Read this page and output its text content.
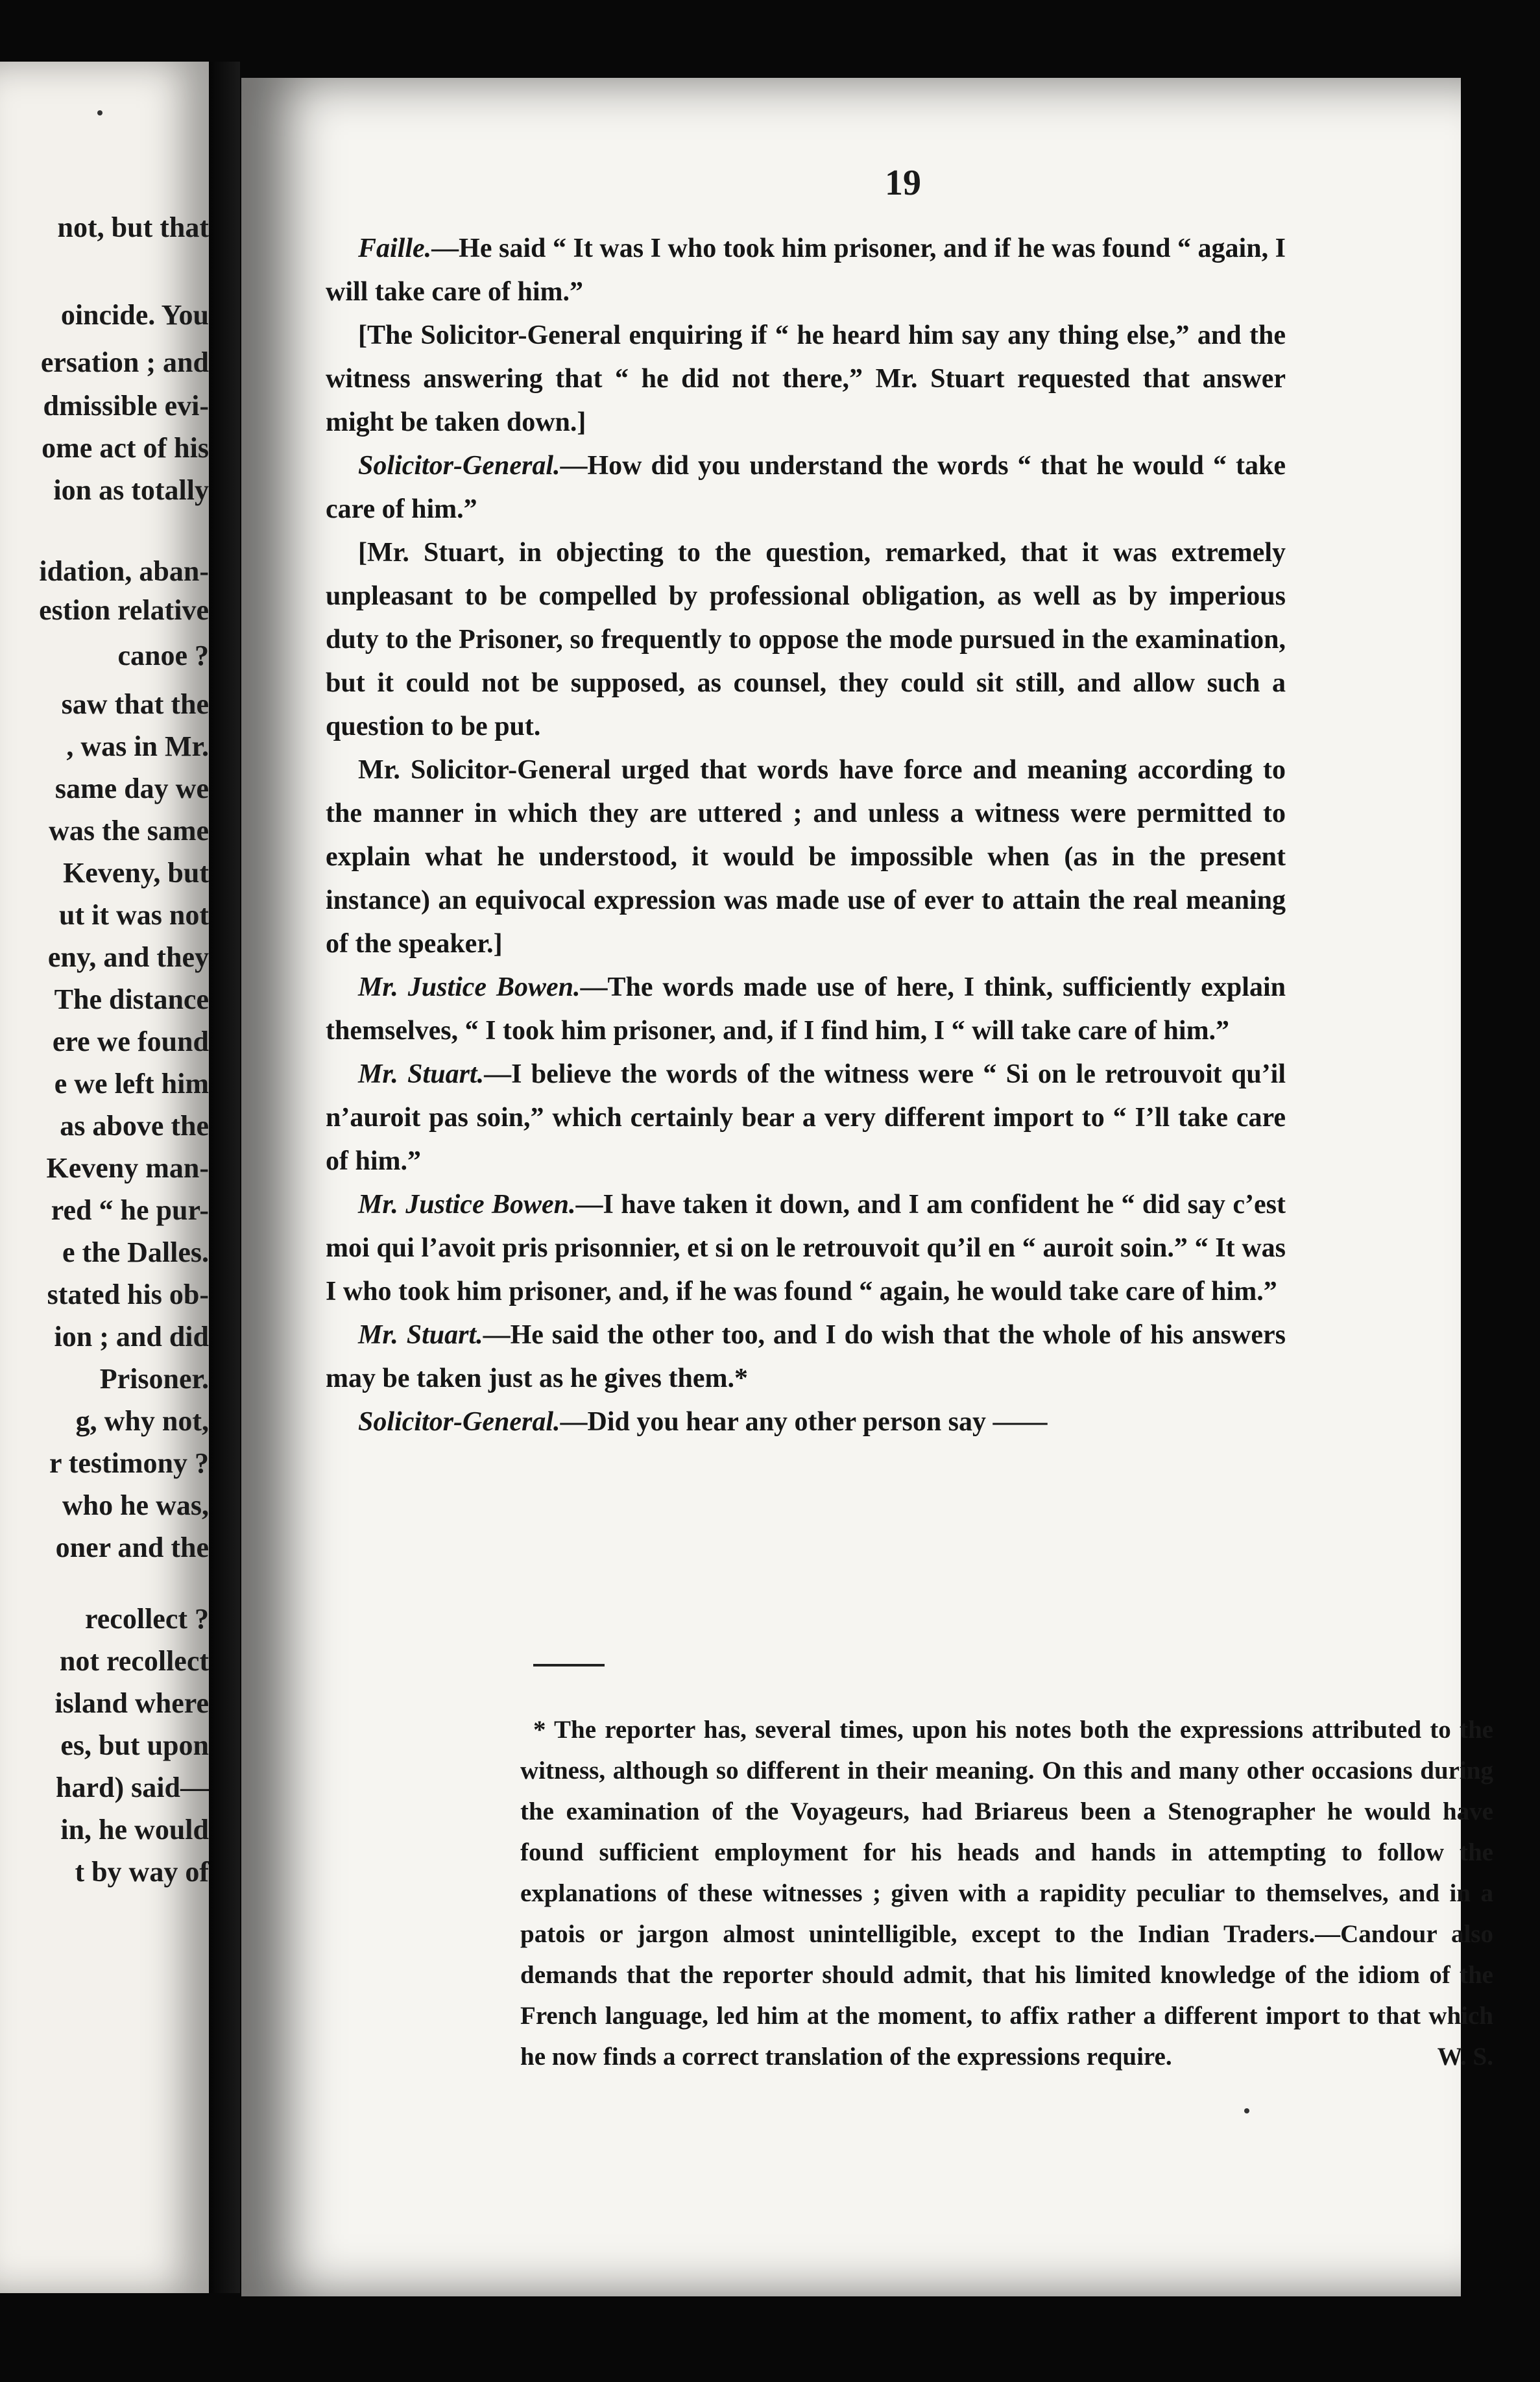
not, but that
oincide. You
ersation ; and
dmissible evi-
ome act of his
ion as totally
idation, aban-
estion relative
canoe ?
saw that the
, was in Mr.
same day we
was the same
Keveny, but
ut it was not
eny, and they
The distance
ere we found
e we left him
as above the
Keveny man-
red “ he pur-
e the Dalles.
stated his ob-
ion ; and did
Prisoner.
g, why not,
r testimony ?
who he was,
oner and the
recollect ?
not recollect
island where
es, but upon
hard) said—
in, he would
t by way of
19

Faille.—He said “ It was I who took him prisoner, and if he was found “ again, I will take care of him.”

[The Solicitor-General enquiring if “ he heard him say any thing else,” and the witness answering that “ he did not there,” Mr. Stuart requested that answer might be taken down.]

Solicitor-General.—How did you understand the words “ that he would “ take care of him.”

[Mr. Stuart, in objecting to the question, remarked, that it was extremely unpleasant to be compelled by professional obligation, as well as by imperious duty to the Prisoner, so frequently to oppose the mode pursued in the examination, but it could not be supposed, as counsel, they could sit still, and allow such a question to be put.

Mr. Solicitor-General urged that words have force and meaning according to the manner in which they are uttered ; and unless a witness were permitted to explain what he understood, it would be impossible when (as in the present instance) an equivocal expression was made use of ever to attain the real meaning of the speaker.]

Mr. Justice Bowen.—The words made use of here, I think, sufficiently explain themselves, “ I took him prisoner, and, if I find him, I “ will take care of him.”

Mr. Stuart.—I believe the words of the witness were “ Si on le retrouvoit qu’il n’auroit pas soin,” which certainly bear a very different import to “ I’ll take care of him.”

Mr. Justice Bowen.—I have taken it down, and I am confident he “ did say c’est moi qui l’avoit pris prisonnier, et si on le retrouvoit qu’il en “ auroit soin.” “ It was I who took him prisoner, and, if he was found “ again, he would take care of him.”

Mr. Stuart.—He said the other too, and I do wish that the whole of his answers may be taken just as he gives them.*

Solicitor-General.—Did you hear any other person say ——

* The reporter has, several times, upon his notes both the expressions attributed to the witness, although so different in their meaning. On this and many other occasions during the examination of the Voyageurs, had Briareus been a Stenographer he would have found sufficient employment for his heads and hands in attempting to follow the explanations of these witnesses ; given with a rapidity peculiar to themselves, and in a patois or jargon almost unintelligible, except to the Indian Traders.—Candour also demands that the reporter should admit, that his limited knowledge of the idiom of the French language, led him at the moment, to affix rather a different import to that which he now finds a correct translation of the expressions require.	W. S.
